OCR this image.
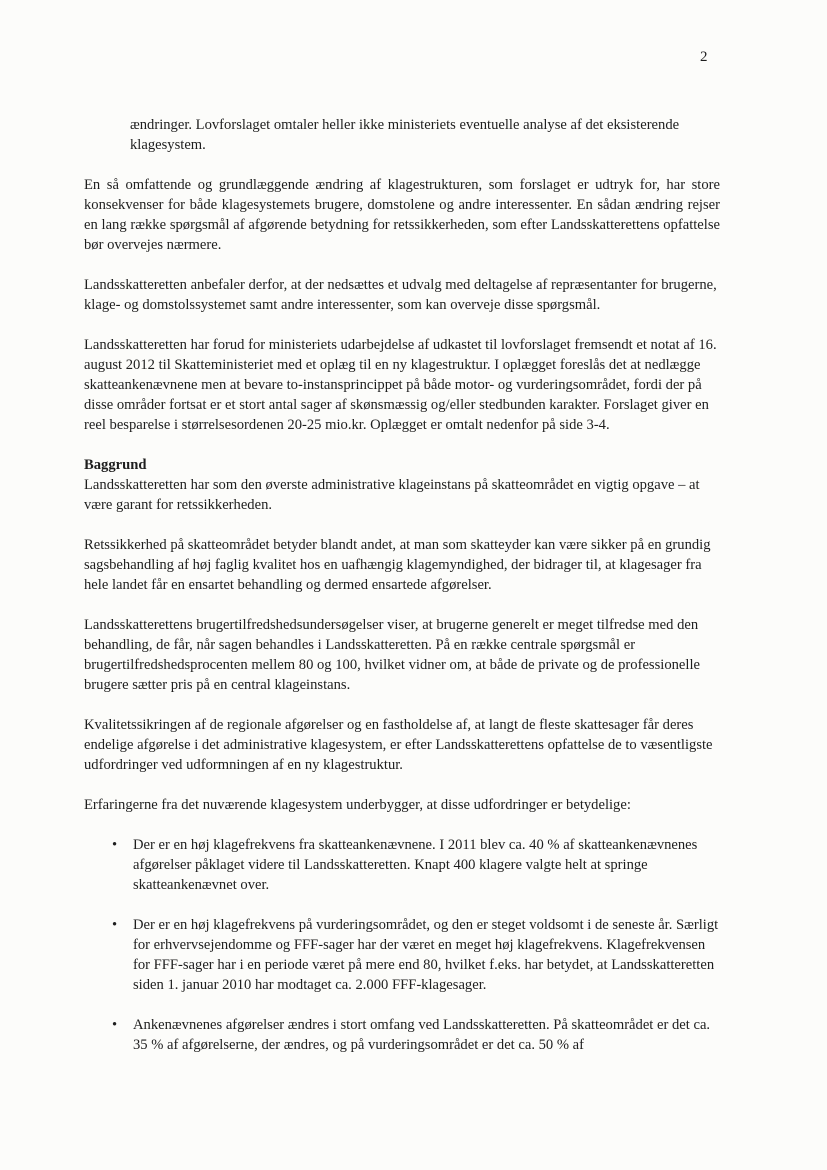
2

ændringer. Lovforslaget omtaler heller ikke ministeriets eventuelle analyse af det eksisterende klagesystem.

En så omfattende og grundlæggende ændring af klagestrukturen, som forslaget er udtryk for, har store konsekvenser for både klagesystemets brugere, domstolene og andre interessenter. En sådan ændring rejser en lang række spørgsmål af afgørende betydning for retssikkerheden, som efter Landsskatterettens opfattelse bør overvejes nærmere.

Landsskatteretten anbefaler derfor, at der nedsættes et udvalg med deltagelse af repræsentanter for brugerne, klage- og domstolssystemet samt andre interessenter, som kan overveje disse spørgsmål.

Landsskatteretten har forud for ministeriets udarbejdelse af udkastet til lovforslaget fremsendt et notat af 16. august 2012 til Skatteministeriet med et oplæg til en ny klagestruktur. I oplægget foreslås det at nedlægge skatteankenævnene men at bevare to-instansprincippet på både motor- og vurderingsområdet, fordi der på disse områder fortsat er et stort antal sager af skønsmæssig og/eller stedbunden karakter. Forslaget giver en reel besparelse i størrelsesordenen 20-25 mio.kr. Oplægget er omtalt nedenfor på side 3-4.

Baggrund
Landsskatteretten har som den øverste administrative klageinstans på skatteområdet en vigtig opgave – at være garant for retssikkerheden.

Retssikkerhed på skatteområdet betyder blandt andet, at man som skatteyder kan være sikker på en grundig sagsbehandling af høj faglig kvalitet hos en uafhængig klagemyndighed, der bidrager til, at klagesager fra hele landet får en ensartet behandling og dermed ensartede afgørelser.

Landsskatterettens brugertilfredshedsundersøgelser viser, at brugerne generelt er meget tilfredse med den behandling, de får, når sagen behandles i Landsskatteretten. På en række centrale spørgsmål er brugertilfredshedsprocenten mellem 80 og 100, hvilket vidner om, at både de private og de professionelle brugere sætter pris på en central klageinstans.

Kvalitetssikringen af de regionale afgørelser og en fastholdelse af, at langt de fleste skattesager får deres endelige afgørelse i det administrative klagesystem, er efter Landsskatterettens opfattelse de to væsentligste udfordringer ved udformningen af en ny klagestruktur.

Erfaringerne fra det nuværende klagesystem underbygger, at disse udfordringer er betydelige:

• Der er en høj klagefrekvens fra skatteankenævnene. I 2011 blev ca. 40 % af skatteankenævnenes afgørelser påklaget videre til Landsskatteretten. Knapt 400 klagere valgte helt at springe skatteankenævnet over.
• Der er en høj klagefrekvens på vurderingsområdet, og den er steget voldsomt i de seneste år. Særligt for erhvervsejendomme og FFF-sager har der været en meget høj klagefrekvens. Klagefrekvensen for FFF-sager har i en periode været på mere end 80, hvilket f.eks. har betydet, at Landsskatteretten siden 1. januar 2010 har modtaget ca. 2.000 FFF-klagesager.
• Ankenævnenes afgørelser ændres i stort omfang ved Landsskatteretten. På skatteområdet er det ca. 35 % af afgørelserne, der ændres, og på vurderingsområdet er det ca. 50 % af
